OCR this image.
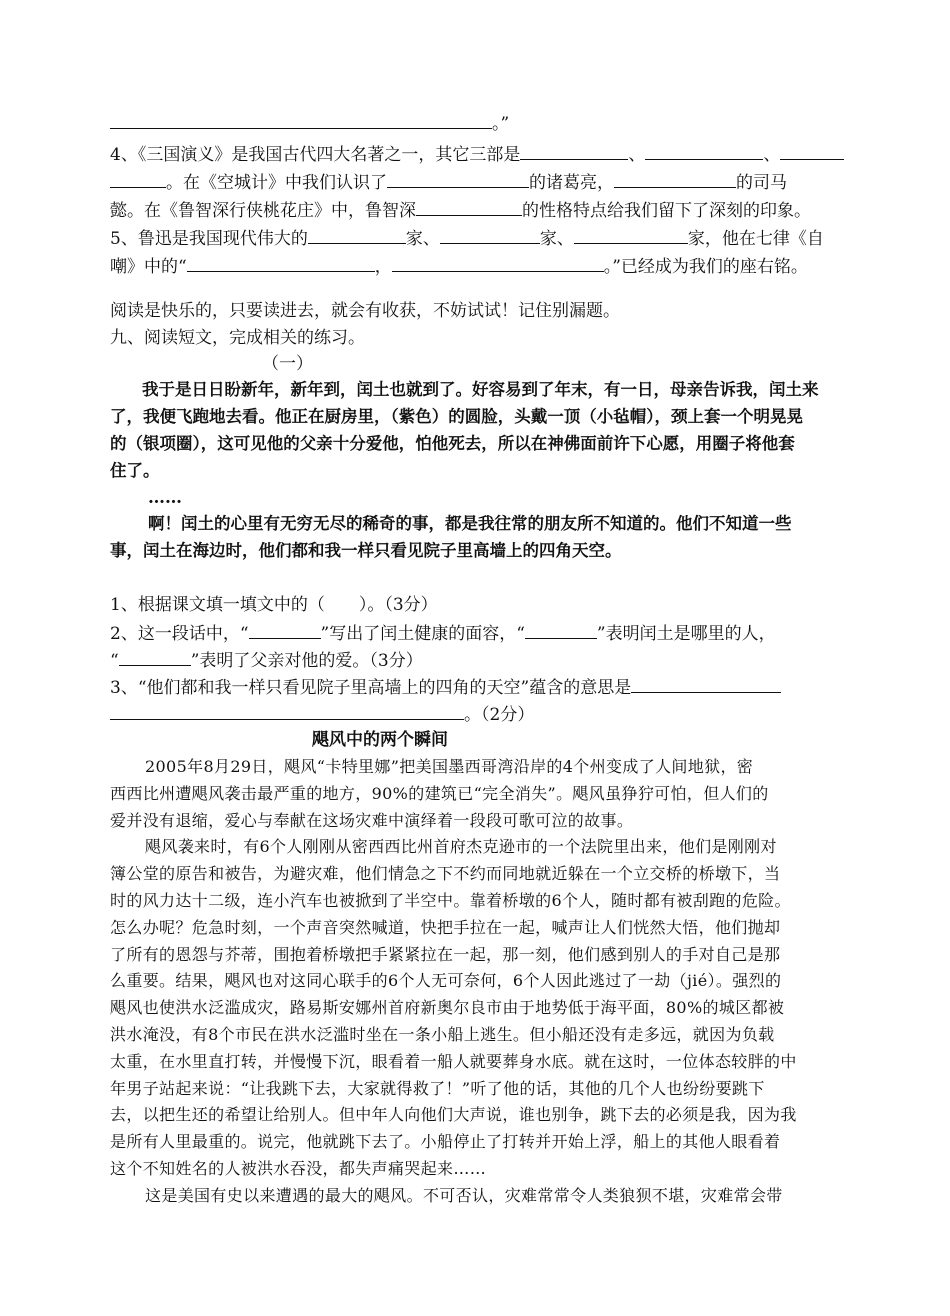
。”
4、《三国演义》是我国古代四大名著之一，其它三部是	、	、
。在《空城计》中我们认识了	的诸葛亮，	的司马
懿。在《鲁智深行侠桃花庄》中，鲁智深	的性格特点给我们留下了深刻的印象。
5、鲁迅是我国现代伟大的	家、	家、	家，他在七律《自
嘲》中的“	，	。”已经成为我们的座右铭。
阅读是快乐的，只要读进去，就会有收获，不妨试试！记住别漏题。
九、阅读短文，完成相关的练习。
（一）
我于是日日盼新年，新年到，闰土也就到了。好容易到了年末，有一日，母亲告诉我，闰土来
了，我便飞跑地去看。他正在厨房里，（紫色）的圆脸，头戴一顶（小毡帽），颈上套一个明晃晃
的（银项圈），这可见他的父亲十分爱他，怕他死去，所以在神佛面前许下心愿，用圈子将他套
住了。
……
啊！闰土的心里有无穷无尽的稀奇的事，都是我往常的朋友所不知道的。他们不知道一些
事，闰土在海边时，他们都和我一样只看见院子里高墙上的四角天空。
1、根据课文填一填文中的（　　）。（3分）
2、这一段话中，“	”写出了闰土健康的面容，“	”表明闰土是哪里的人，
“	”表明了父亲对他的爱。（3分）
3、“他们都和我一样只看见院子里高墙上的四角的天空”蕴含的意思是
。（2分）
飓风中的两个瞬间
2005年8月29日，飓风“卡特里娜”把美国墨西哥湾沿岸的4个州变成了人间地狱，密
西西比州遭飓风袭击最严重的地方，90%的建筑已“完全消失”。飓风虽狰狞可怕，但人们的
爱并没有退缩，爱心与奉献在这场灾难中演绎着一段段可歌可泣的故事。
飓风袭来时，有6个人刚刚从密西西比州首府杰克逊市的一个法院里出来，他们是刚刚对
簿公堂的原告和被告，为避灾难，他们情急之下不约而同地就近躲在一个立交桥的桥墩下，当
时的风力达十二级，连小汽车也被掀到了半空中。靠着桥墩的6个人，随时都有被刮跑的危险。
怎么办呢？危急时刻，一个声音突然喊道，快把手拉在一起，喊声让人们恍然大悟，他们抛却
了所有的恩怨与芥蒂，围抱着桥墩把手紧紧拉在一起，那一刻，他们感到别人的手对自己是那
么重要。结果，飓风也对这同心联手的6个人无可奈何，6个人因此逃过了一劫（jié）。强烈的
飓风也使洪水泛滥成灾，路易斯安娜州首府新奥尔良市由于地势低于海平面，80%的城区都被
洪水淹没，有8个市民在洪水泛滥时坐在一条小船上逃生。但小船还没有走多远，就因为负载
太重，在水里直打转，并慢慢下沉，眼看着一船人就要葬身水底。就在这时，一位体态较胖的中
年男子站起来说：“让我跳下去，大家就得救了！”听了他的话，其他的几个人也纷纷要跳下
去，以把生还的希望让给别人。但中年人向他们大声说，谁也别争，跳下去的必须是我，因为我
是所有人里最重的。说完，他就跳下去了。小船停止了打转并开始上浮，船上的其他人眼看着
这个不知姓名的人被洪水吞没，都失声痛哭起来……
这是美国有史以来遭遇的最大的飓风。不可否认，灾难常常令人类狼狈不堪，灾难常会带
